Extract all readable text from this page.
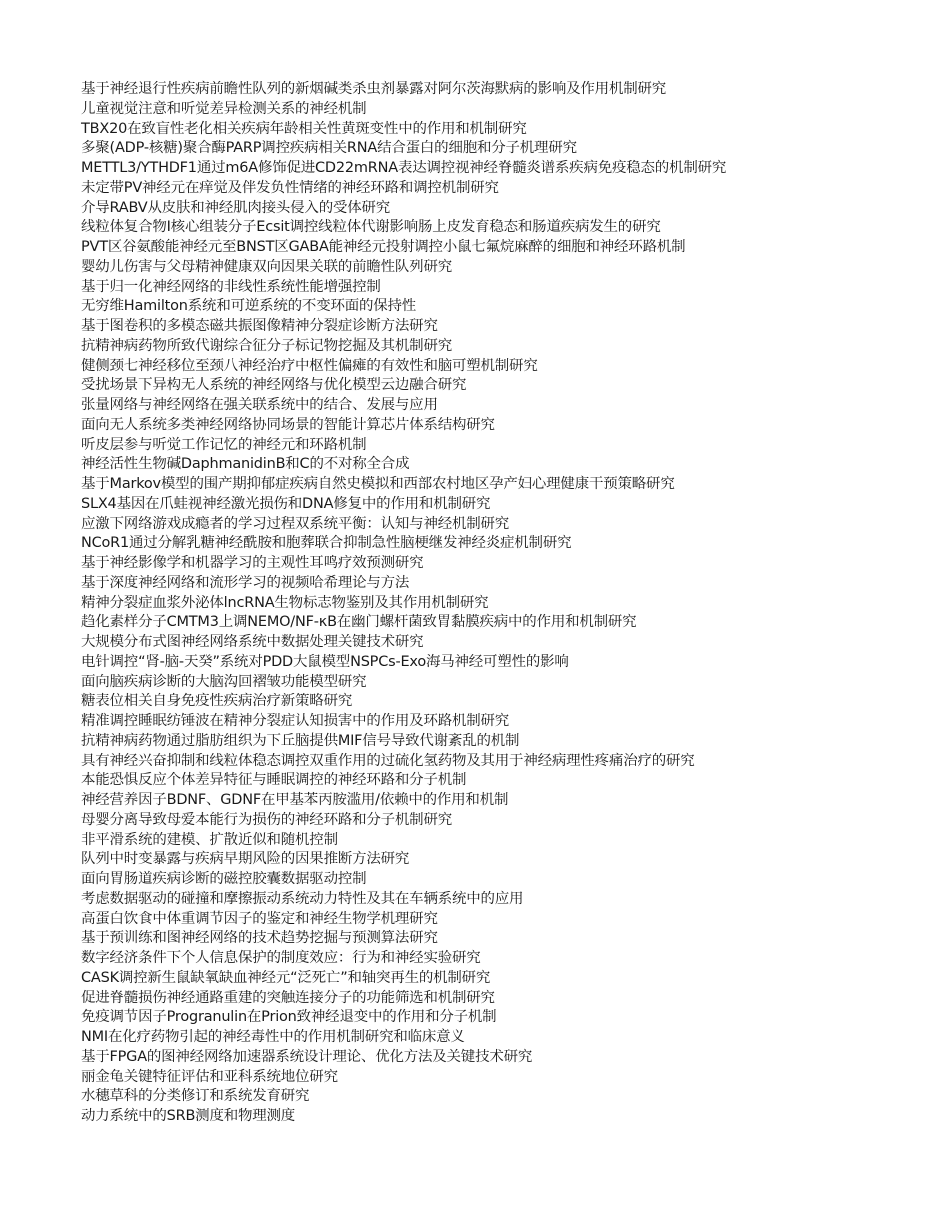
基于神经退行性疾病前瞻性队列的新烟碱类杀虫剂暴露对阿尔茨海默病的影响及作用机制研究
儿童视觉注意和听觉差异检测关系的神经机制
TBX20在致盲性老化相关疾病年龄相关性黄斑变性中的作用和机制研究
多聚(ADP-核糖)聚合酶PARP调控疾病相关RNA结合蛋白的细胞和分子机理研究
METTL3/YTHDF1通过m6A修饰促进CD22mRNA表达调控视神经脊髓炎谱系疾病免疫稳态的机制研究
未定带PV神经元在痒觉及伴发负性情绪的神经环路和调控机制研究
介导RABV从皮肤和神经肌肉接头侵入的受体研究
线粒体复合物I核心组装分子Ecsit调控线粒体代谢影响肠上皮发育稳态和肠道疾病发生的研究
PVT区谷氨酸能神经元至BNST区GABA能神经元投射调控小鼠七氟烷麻醉的细胞和神经环路机制
婴幼儿伤害与父母精神健康双向因果关联的前瞻性队列研究
基于归一化神经网络的非线性系统性能增强控制
无穷维Hamilton系统和可逆系统的不变环面的保持性
基于图卷积的多模态磁共振图像精神分裂症诊断方法研究
抗精神病药物所致代谢综合征分子标记物挖掘及其机制研究
健侧颈七神经移位至颈八神经治疗中枢性偏瘫的有效性和脑可塑机制研究
受扰场景下异构无人系统的神经网络与优化模型云边融合研究
张量网络与神经网络在强关联系统中的结合、发展与应用
面向无人系统多类神经网络协同场景的智能计算芯片体系结构研究
听皮层参与听觉工作记忆的神经元和环路机制
神经活性生物碱DaphmanidinB和C的不对称全合成
基于Markov模型的围产期抑郁症疾病自然史模拟和西部农村地区孕产妇心理健康干预策略研究
SLX4基因在爪蛙视神经激光损伤和DNA修复中的作用和机制研究
应激下网络游戏成瘾者的学习过程双系统平衡：认知与神经机制研究
NCoR1通过分解乳糖神经酰胺和胞葬联合抑制急性脑梗继发神经炎症机制研究
基于神经影像学和机器学习的主观性耳鸣疗效预测研究
基于深度神经网络和流形学习的视频哈希理论与方法
精神分裂症血浆外泌体lncRNA生物标志物鉴别及其作用机制研究
趋化素样分子CMTM3上调NEMO/NF-κB在幽门螺杆菌致胃黏膜疾病中的作用和机制研究
大规模分布式图神经网络系统中数据处理关键技术研究
电针调控“肾-脑-天癸”系统对PDD大鼠模型NSPCs-Exo海马神经可塑性的影响
面向脑疾病诊断的大脑沟回褶皱功能模型研究
糖表位相关自身免疫性疾病治疗新策略研究
精准调控睡眠纺锤波在精神分裂症认知损害中的作用及环路机制研究
抗精神病药物通过脂肪组织为下丘脑提供MIF信号导致代谢紊乱的机制
具有神经兴奋抑制和线粒体稳态调控双重作用的过硫化氢药物及其用于神经病理性疼痛治疗的研究
本能恐惧反应个体差异特征与睡眠调控的神经环路和分子机制
神经营养因子BDNF、GDNF在甲基苯丙胺滥用/依赖中的作用和机制
母婴分离导致母爱本能行为损伤的神经环路和分子机制研究
非平滑系统的建模、扩散近似和随机控制
队列中时变暴露与疾病早期风险的因果推断方法研究
面向胃肠道疾病诊断的磁控胶囊数据驱动控制
考虑数据驱动的碰撞和摩擦振动系统动力特性及其在车辆系统中的应用
高蛋白饮食中体重调节因子的鉴定和神经生物学机理研究
基于预训练和图神经网络的技术趋势挖掘与预测算法研究
数字经济条件下个人信息保护的制度效应：行为和神经实验研究
CASK调控新生鼠缺氧缺血神经元“泛死亡”和轴突再生的机制研究
促进脊髓损伤神经通路重建的突触连接分子的功能筛选和机制研究
免疫调节因子Progranulin在Prion致神经退变中的作用和分子机制
NMI在化疗药物引起的神经毒性中的作用机制研究和临床意义
基于FPGA的图神经网络加速器系统设计理论、优化方法及关键技术研究
丽金龟关键特征评估和亚科系统地位研究
水穗草科的分类修订和系统发育研究
动力系统中的SRB测度和物理测度
